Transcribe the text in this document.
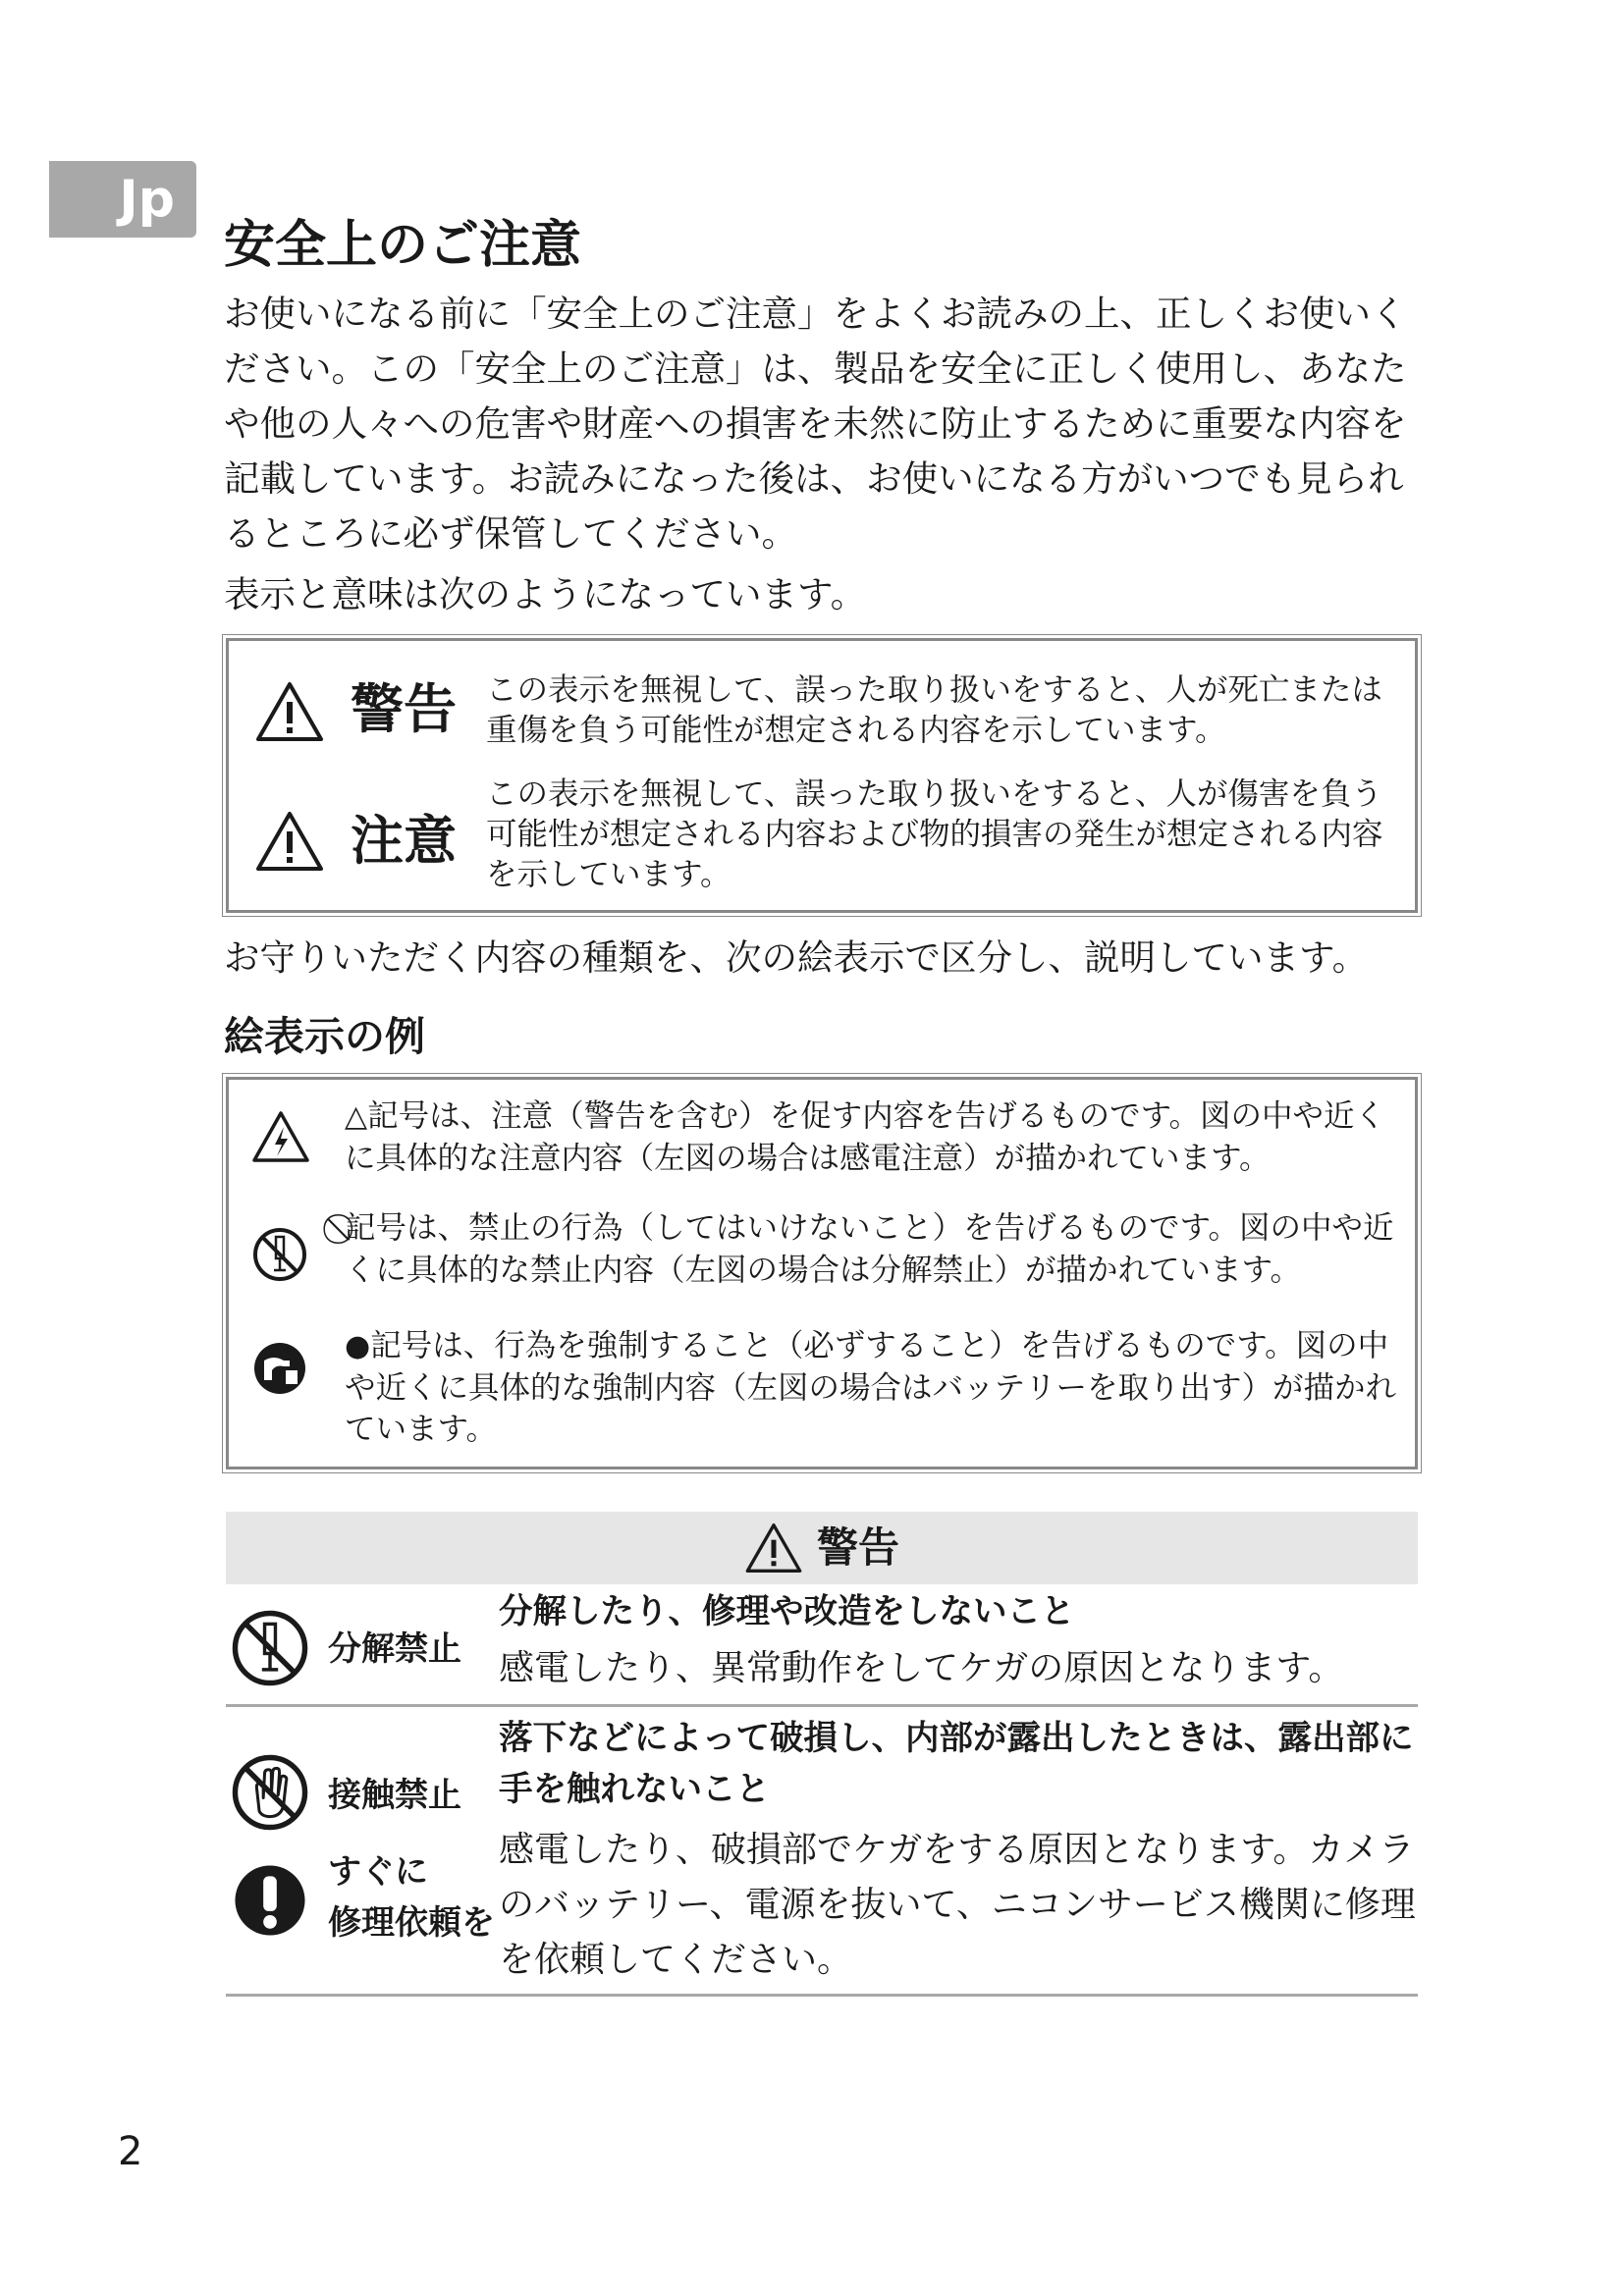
Jp
安全上のご注意

お使いになる前に「安全上のご注意」をよくお読みの上、正しくお使いください。この「安全上のご注意」は、製品を安全に正しく使用し、あなたや他の人々への危害や財産への損害を未然に防止するために重要な内容を記載しています。お読みになった後は、お使いになる方がいつでも見られるところに必ず保管してください。

表示と意味は次のようになっています。

警告 この表示を無視して、誤った取り扱いをすると、人が死亡または重傷を負う可能性が想定される内容を示しています。

注意

この表示を無視して、誤った取り扱いをすると、人が傷害を負う可能性が想定される内容および物的損害の発生が想定される内容を示しています。

お守りいただく内容の種類を、次の絵表示で区分し、説明しています。

絵表示の例

△記号は、注意（警告を含む）を促す内容を告げるものです。図の中や近くに具体的な注意内容（左図の場合は感電注意）が描かれています。

記号は、禁止の行為（してはいけないこと）を告げるものです。図の中や近くに具体的な禁止内容（左図の場合は分解禁止）が描かれています。

●記号は、行為を強制すること（必ずすること）を告げるものです。図の中や近くに具体的な強制内容（左図の場合はバッテリーを取り出す）が描かれています。

警告

分解禁止

分解したり、修理や改造をしないこと

感電したり、異常動作をしてケガの原因となります。

接触禁止

すぐに

修理依頼を

落下などによって破損し、内部が露出したときは、露出部に手を触れないこと

感電したり、破損部でケガをする原因となります。カメラのバッテリー、電源を抜いて、ニコンサービス機関に修理を依頼してください。

2
